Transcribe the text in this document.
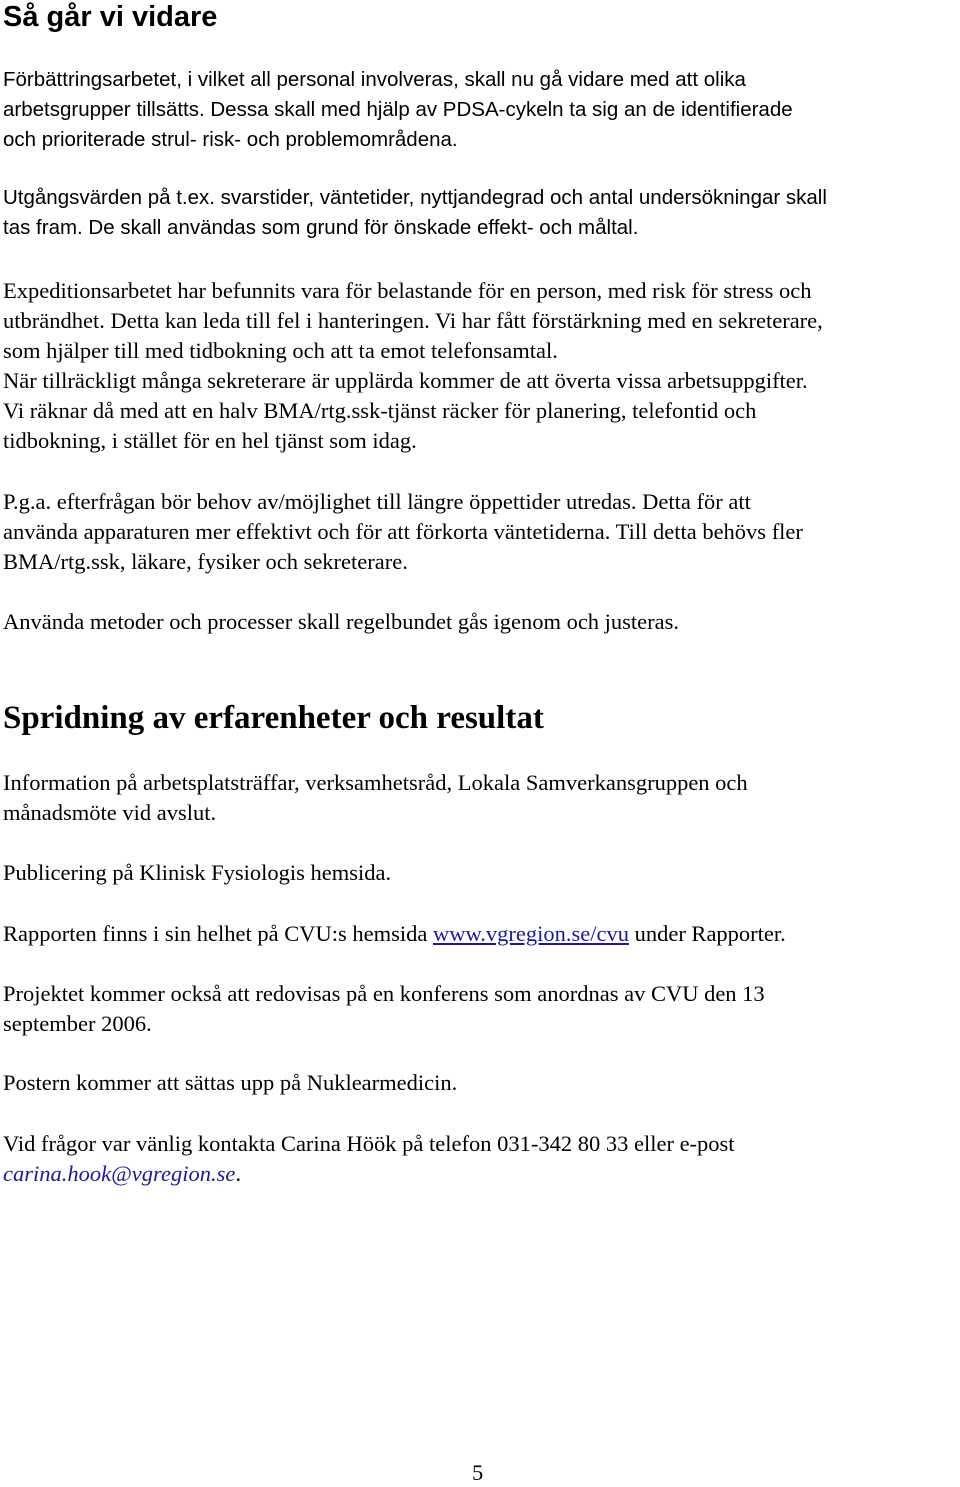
Så går vi vidare

Förbättringsarbetet, i vilket all personal involveras, skall nu gå vidare med att olika
arbetsgrupper tillsätts. Dessa skall med hjälp av PDSA-cykeln ta sig an de identifierade
och prioriterade strul- risk- och problemområdena.

Utgångsvärden på t.ex. svarstider, väntetider, nyttjandegrad och antal undersökningar skall
tas fram. De skall användas som grund för önskade effekt- och måltal.

Expeditionsarbetet har befunnits vara för belastande för en person, med risk för stress och
utbrändhet. Detta kan leda till fel i hanteringen. Vi har fått förstärkning med en sekreterare,
som hjälper till med tidbokning och att ta emot telefonsamtal.
När tillräckligt många sekreterare är upplärda kommer de att överta vissa arbetsuppgifter.
Vi räknar då med att en halv BMA/rtg.ssk-tjänst räcker för planering, telefontid och
tidbokning, i stället för en hel tjänst som idag.

P.g.a. efterfrågan bör behov av/möjlighet till längre öppettider utredas. Detta för att
använda apparaturen mer effektivt och för att förkorta väntetiderna. Till detta behövs fler
BMA/rtg.ssk, läkare, fysiker och sekreterare.

Använda metoder och processer skall regelbundet gås igenom och justeras.

Spridning av erfarenheter och resultat

Information på arbetsplatsträffar, verksamhetsråd, Lokala Samverkansgruppen och
månadsmöte vid avslut.

Publicering på Klinisk Fysiologis hemsida.

Rapporten finns i sin helhet på CVU:s hemsida www.vgregion.se/cvu under Rapporter.

Projektet kommer också att redovisas på en konferens som anordnas av CVU den 13
september 2006.

Postern kommer att sättas upp på Nuklearmedicin.

Vid frågor var vänlig kontakta Carina Höök på telefon 031-342 80 33 eller e-post
carina.hook@vgregion.se.

5
